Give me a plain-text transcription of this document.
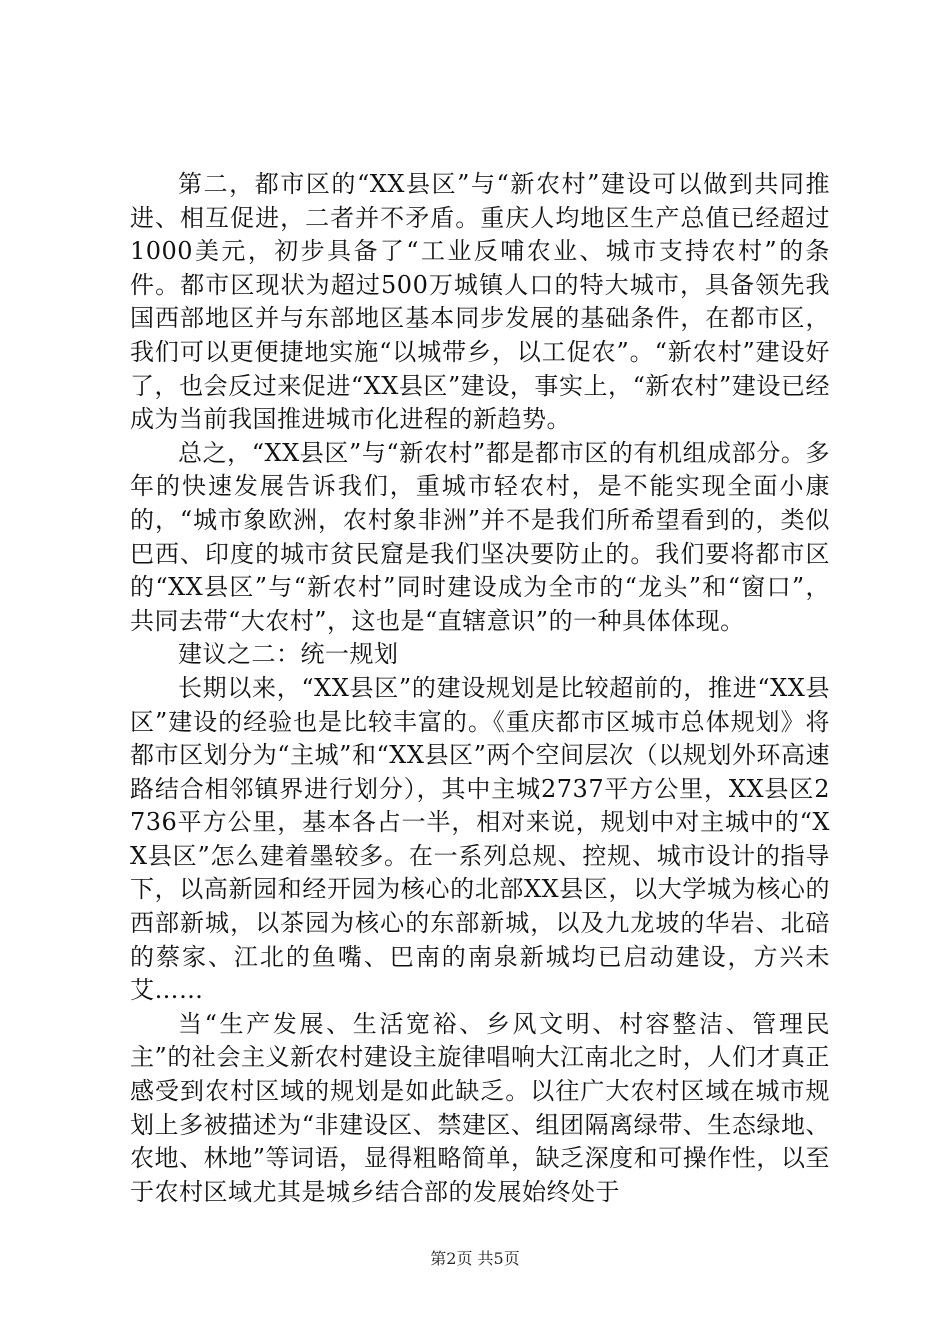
第二，都市区的“XX县区”与“新农村”建设可以做到共同推进、相互促进，二者并不矛盾。重庆人均地区生产总值已经超过1000美元，初步具备了“工业反哺农业、城市支持农村”的条件。都市区现状为超过500万城镇人口的特大城市，具备领先我国西部地区并与东部地区基本同步发展的基础条件，在都市区，我们可以更便捷地实施“以城带乡，以工促农”。“新农村”建设好了，也会反过来促进“XX县区”建设，事实上，“新农村”建设已经成为当前我国推进城市化进程的新趋势。

总之，“XX县区”与“新农村”都是都市区的有机组成部分。多年的快速发展告诉我们，重城市轻农村，是不能实现全面小康的，“城市象欧洲，农村象非洲”并不是我们所希望看到的，类似巴西、印度的城市贫民窟是我们坚决要防止的。我们要将都市区的“XX县区”与“新农村”同时建设成为全市的“龙头”和“窗口”，共同去带“大农村”，这也是“直辖意识”的一种具体体现。

建议之二：统一规划

长期以来，“XX县区”的建设规划是比较超前的，推进“XX县区”建设的经验也是比较丰富的。《重庆都市区城市总体规划》将都市区划分为“主城”和“XX县区”两个空间层次（以规划外环高速路结合相邻镇界进行划分），其中主城2737平方公里，XX县区2736平方公里，基本各占一半，相对来说，规划中对主城中的“XX县区”怎么建着墨较多。在一系列总规、控规、城市设计的指导下，以高新园和经开园为核心的北部XX县区，以大学城为核心的西部新城，以茶园为核心的东部新城，以及九龙坡的华岩、北碚的蔡家、江北的鱼嘴、巴南的南泉新城均已启动建设，方兴未艾……

当“生产发展、生活宽裕、乡风文明、村容整洁、管理民主”的社会主义新农村建设主旋律唱响大江南北之时，人们才真正感受到农村区域的规划是如此缺乏。以往广大农村区域在城市规划上多被描述为“非建设区、禁建区、组团隔离绿带、生态绿地、农地、林地”等词语，显得粗略简单，缺乏深度和可操作性，以至于农村区域尤其是城乡结合部的发展始终处于

第2页 共5页
